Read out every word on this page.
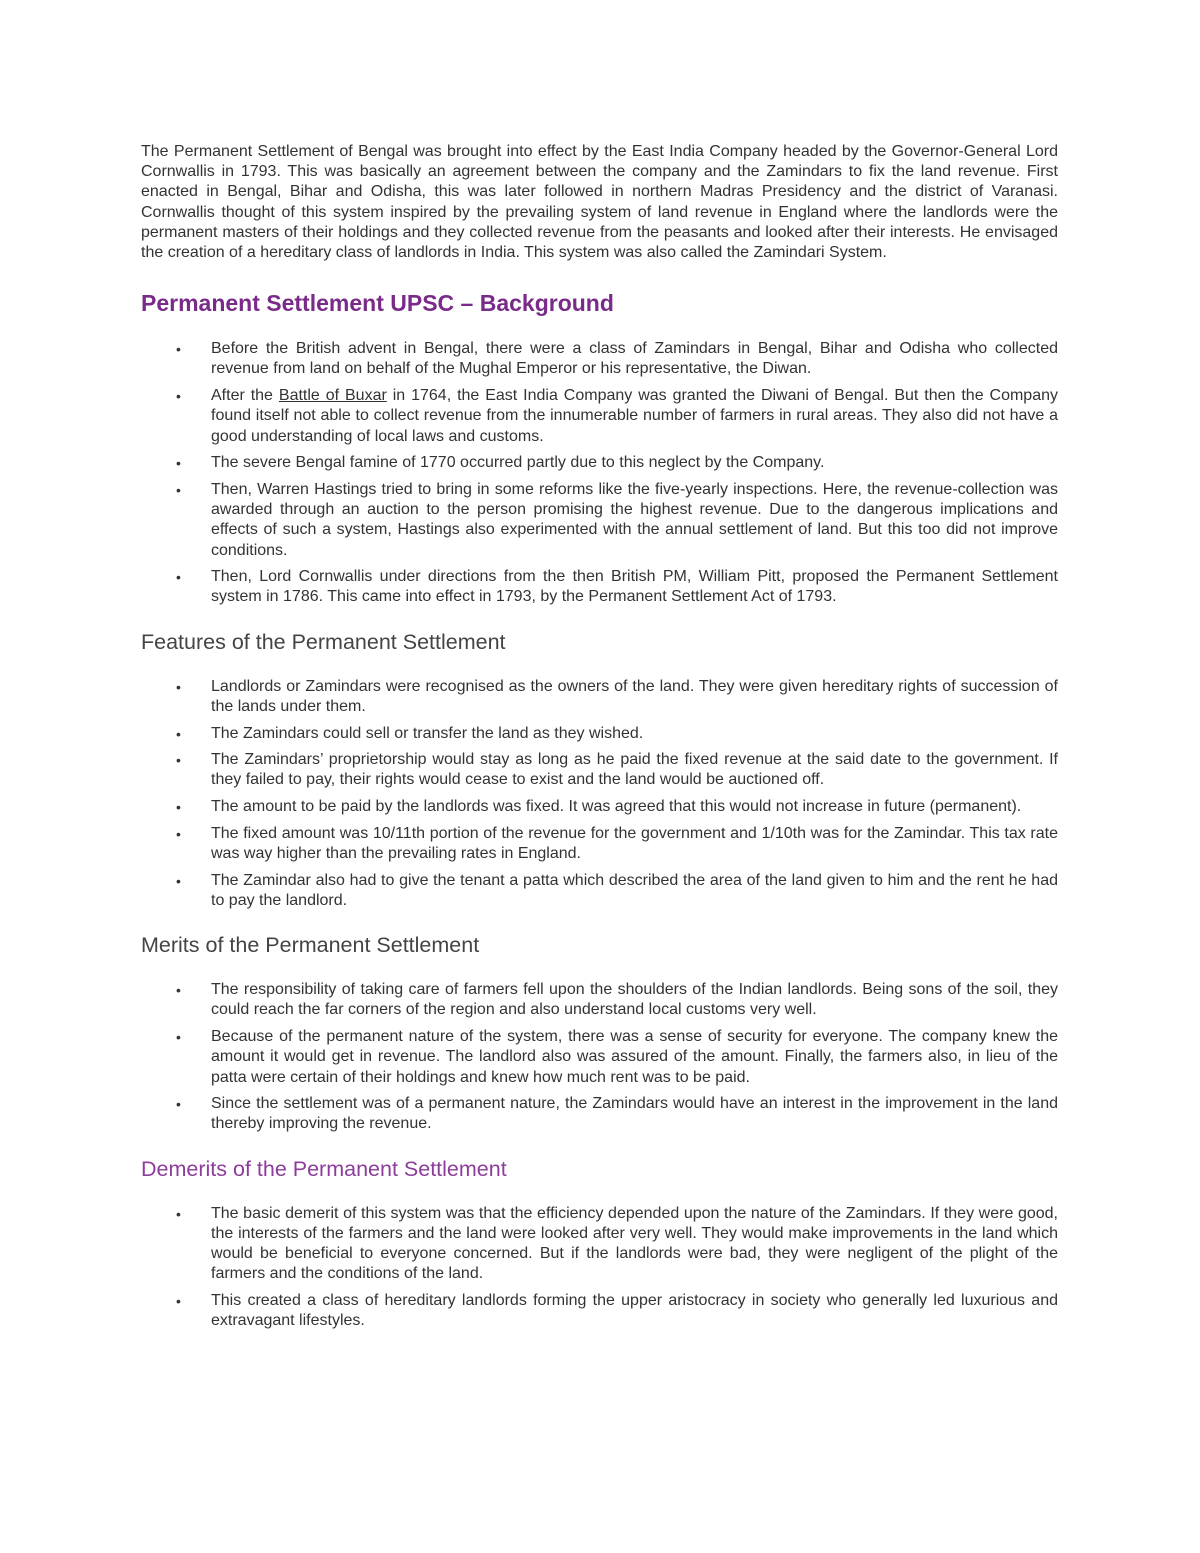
The Permanent Settlement of Bengal was brought into effect by the East India Company headed by the Governor-General Lord Cornwallis in 1793. This was basically an agreement between the company and the Zamindars to fix the land revenue. First enacted in Bengal, Bihar and Odisha, this was later followed in northern Madras Presidency and the district of Varanasi. Cornwallis thought of this system inspired by the prevailing system of land revenue in England where the landlords were the permanent masters of their holdings and they collected revenue from the peasants and looked after their interests. He envisaged the creation of a hereditary class of landlords in India. This system was also called the Zamindari System.

Permanent Settlement UPSC – Background
• Before the British advent in Bengal, there were a class of Zamindars in Bengal, Bihar and Odisha who collected revenue from land on behalf of the Mughal Emperor or his representative, the Diwan.
• After the Battle of Buxar in 1764, the East India Company was granted the Diwani of Bengal. But then the Company found itself not able to collect revenue from the innumerable number of farmers in rural areas. They also did not have a good understanding of local laws and customs.
• The severe Bengal famine of 1770 occurred partly due to this neglect by the Company.
• Then, Warren Hastings tried to bring in some reforms like the five-yearly inspections. Here, the revenue-collection was awarded through an auction to the person promising the highest revenue. Due to the dangerous implications and effects of such a system, Hastings also experimented with the annual settlement of land. But this too did not improve conditions.
• Then, Lord Cornwallis under directions from the then British PM, William Pitt, proposed the Permanent Settlement system in 1786. This came into effect in 1793, by the Permanent Settlement Act of 1793.
Features of the Permanent Settlement
• Landlords or Zamindars were recognised as the owners of the land. They were given hereditary rights of succession of the lands under them.
• The Zamindars could sell or transfer the land as they wished.
• The Zamindars’ proprietorship would stay as long as he paid the fixed revenue at the said date to the government. If they failed to pay, their rights would cease to exist and the land would be auctioned off.
• The amount to be paid by the landlords was fixed. It was agreed that this would not increase in future (permanent).
• The fixed amount was 10/11th portion of the revenue for the government and 1/10th was for the Zamindar. This tax rate was way higher than the prevailing rates in England.
• The Zamindar also had to give the tenant a patta which described the area of the land given to him and the rent he had to pay the landlord.
Merits of the Permanent Settlement
• The responsibility of taking care of farmers fell upon the shoulders of the Indian landlords. Being sons of the soil, they could reach the far corners of the region and also understand local customs very well.
• Because of the permanent nature of the system, there was a sense of security for everyone. The company knew the amount it would get in revenue. The landlord also was assured of the amount. Finally, the farmers also, in lieu of the patta were certain of their holdings and knew how much rent was to be paid.
• Since the settlement was of a permanent nature, the Zamindars would have an interest in the improvement in the land thereby improving the revenue.
Demerits of the Permanent Settlement
• The basic demerit of this system was that the efficiency depended upon the nature of the Zamindars. If they were good, the interests of the farmers and the land were looked after very well. They would make improvements in the land which would be beneficial to everyone concerned. But if the landlords were bad, they were negligent of the plight of the farmers and the conditions of the land.
• This created a class of hereditary landlords forming the upper aristocracy in society who generally led luxurious and extravagant lifestyles.
